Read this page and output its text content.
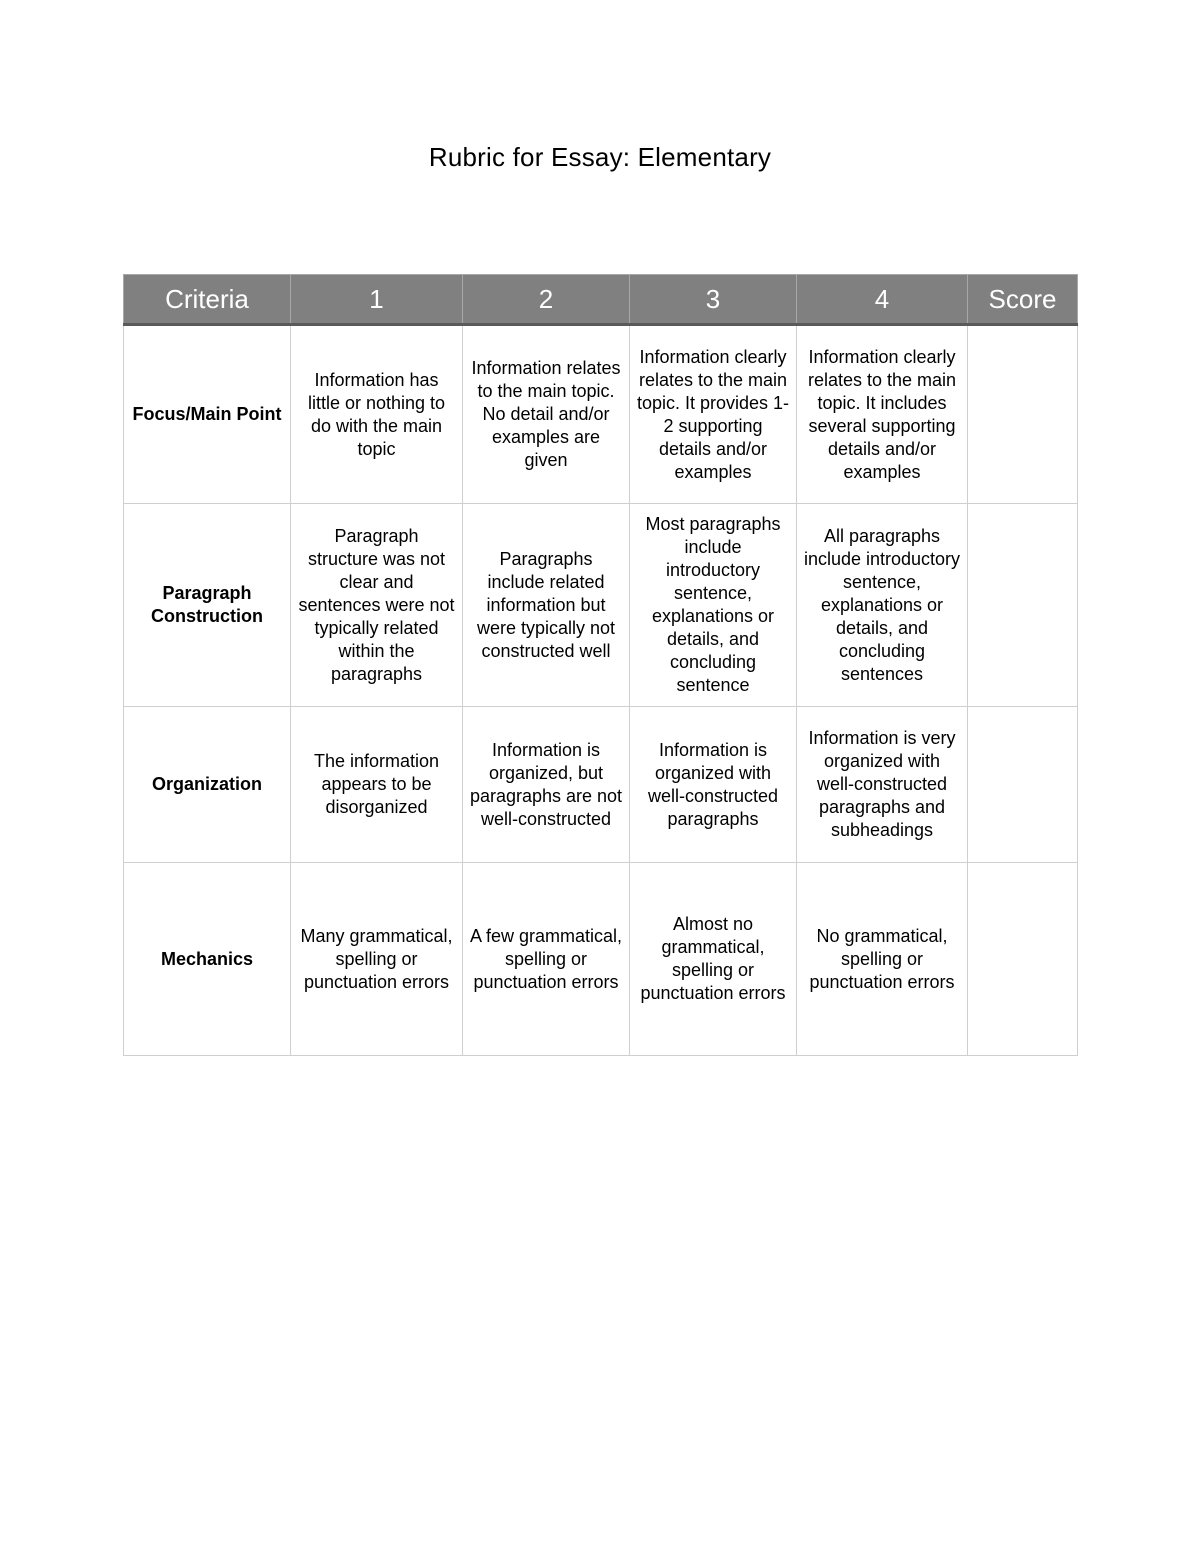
Rubric for Essay: Elementary
Criteria	1	2	3	4	Score
Focus/Main Point	Information has little or nothing to do with the main topic	Information relates to the main topic. No detail and/or examples are given	Information clearly relates to the main topic. It provides 1-2 supporting details and/or examples	Information clearly relates to the main topic. It includes several supporting details and/or examples	
Paragraph Construction	Paragraph structure was not clear and sentences were not typically related within the paragraphs	Paragraphs include related information but were typically not constructed well	Most paragraphs include introductory sentence, explanations or details, and concluding sentence	All paragraphs include introductory sentence, explanations or details, and concluding sentences	
Organization	The information appears to be disorganized	Information is organized, but paragraphs are not well-constructed	Information is organized with well-constructed paragraphs	Information is very organized with well-constructed paragraphs and subheadings	
Mechanics	Many grammatical, spelling or punctuation errors	A few grammatical, spelling or punctuation errors	Almost no grammatical, spelling or punctuation errors	No grammatical, spelling or punctuation errors	
